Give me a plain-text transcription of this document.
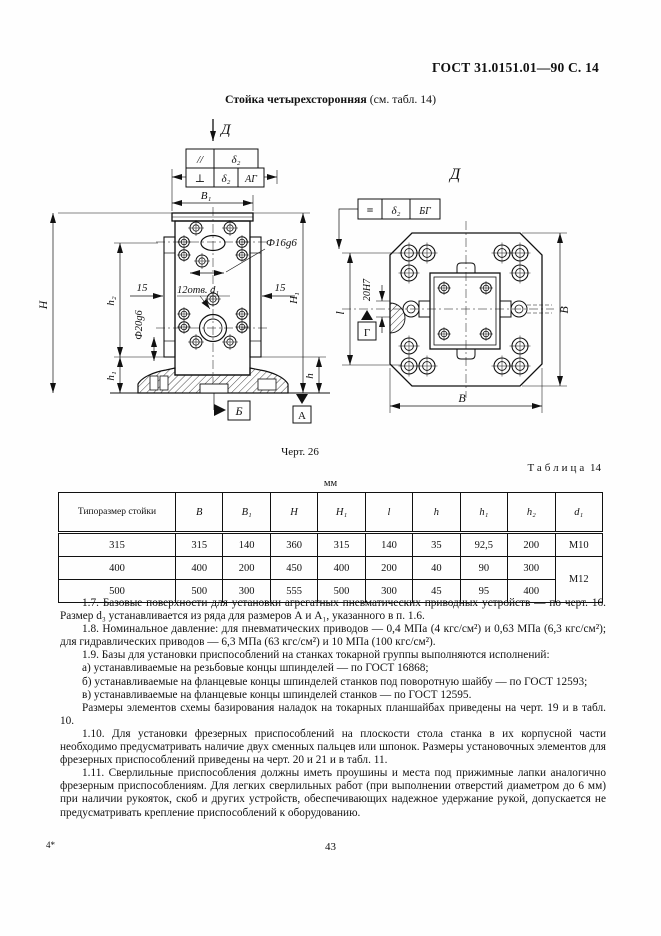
ГОСТ 31.0151.01—90 С. 14
Стойка четырехсторонняя (см. табл. 14)
Д
//	δ₂
⊥ δ₂ АГ
B₁
Ф16g6
12отв. d₁
15	15
Ф20g6
H	h₂
h₁
H₁
h
Б	А
Д
= δ₂ БГ
l
20Н7
Г
B
В
Черт. 26
Таблица 14
мм
Типоразмер стойки	B	B₁	H	H₁	l	h	h₁	h₂	d₁
315	315	140	360	315	140	35	92,5	200	М10
400	400	200	450	400	200	40	90	300	М12
500	500	300	555	500	300	45	95	400	

1.7. Базовые поверхности для установки агрегатных пневматических приводных устройств — по черт. 16. Размер d₃ устанавливается из ряда для размеров А и А₁, указанного в п. 1.6.

1.8. Номинальное давление: для пневматических приводов — 0,4 МПа (4 кгс/см²) и 0,63 МПа (6,3 кгс/см²); для гидравлических приводов — 6,3 МПа (63 кгс/см²) и 10 МПа (100 кгс/см²).

1.9. Базы для установки приспособлений на станках токарной группы выполняются исполнений:

а) устанавливаемые на резьбовые концы шпинделей — по ГОСТ 16868;

б) устанавливаемые на фланцевые концы шпинделей станков под поворотную шайбу — по ГОСТ 12593;

в) устанавливаемые на фланцевые концы шпинделей станков — по ГОСТ 12595.

Размеры элементов схемы базирования наладок на токарных планшайбах приведены на черт. 19 и в табл. 10.

1.10. Для установки фрезерных приспособлений на плоскости стола станка в их корпусной части необходимо предусматривать наличие двух сменных пальцев или шпонок. Размеры установочных элементов для фрезерных приспособлений приведены на черт. 20 и 21 и в табл. 11.

1.11. Сверлильные приспособления должны иметь проушины и места под прижимные лапки аналогично фрезерным приспособлениям. Для легких сверлильных работ (при выполнении отверстий диаметром до 6 мм) при наличии рукояток, скоб и других устройств, обеспечивающих надежное удержание рукой, допускается не предусматривать крепление приспособлений к оборудованию.

4*	43
